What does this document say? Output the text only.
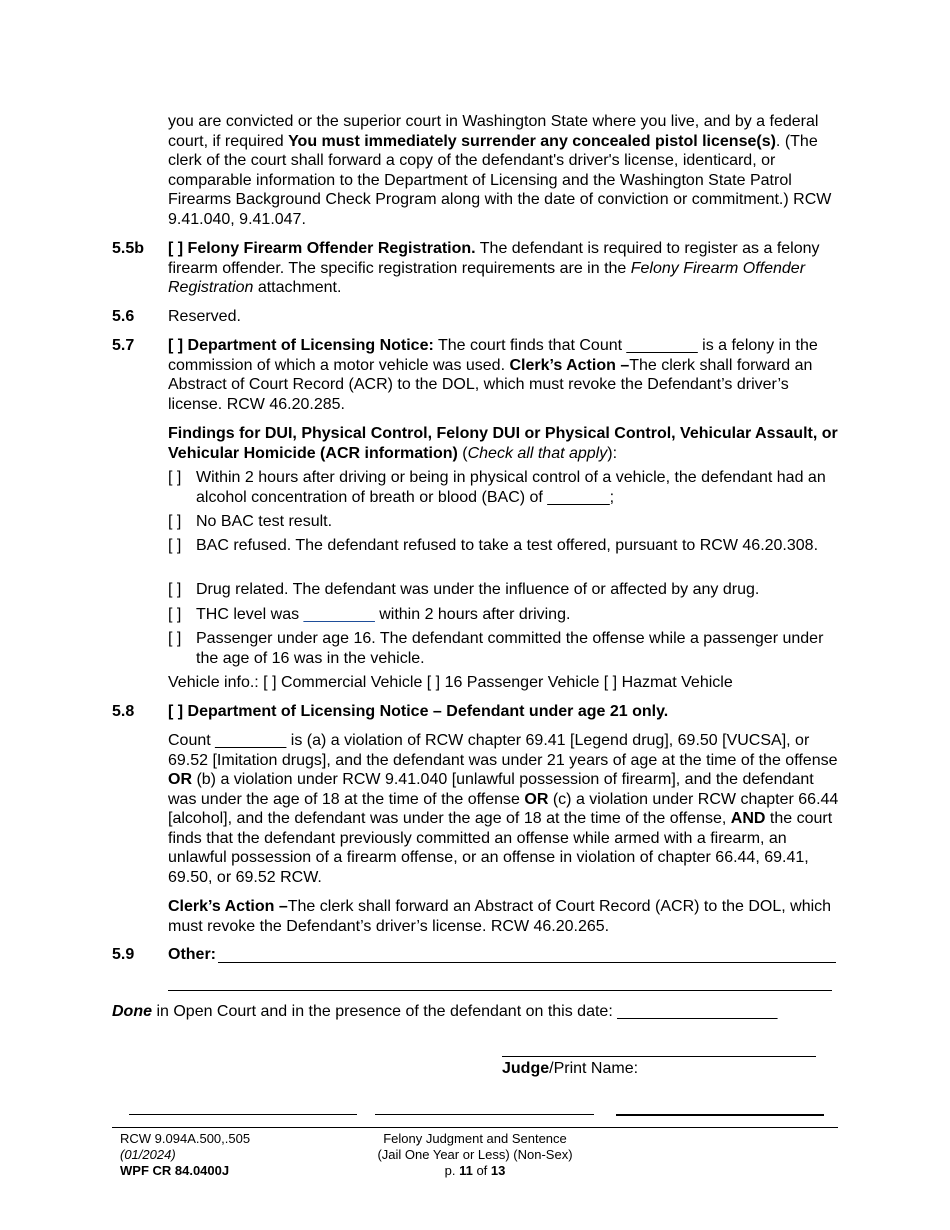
you are convicted or the superior court in Washington State where you live, and by a federal court, if required You must immediately surrender any concealed pistol license(s). (The clerk of the court shall forward a copy of the defendant's driver's license, identicard, or comparable information to the Department of Licensing and the Washington State Patrol Firearms Background Check Program along with the date of conviction or commitment.) RCW 9.41.040, 9.41.047.
5.5b [ ] Felony Firearm Offender Registration. The defendant is required to register as a felony firearm offender. The specific registration requirements are in the Felony Firearm Offender Registration attachment.
5.6 Reserved.
5.7 [ ] Department of Licensing Notice: The court finds that Count ________ is a felony in the commission of which a motor vehicle was used. Clerk’s Action –The clerk shall forward an Abstract of Court Record (ACR) to the DOL, which must revoke the Defendant’s driver’s license. RCW 46.20.285.
Findings for DUI, Physical Control, Felony DUI or Physical Control, Vehicular Assault, or Vehicular Homicide (ACR information) (Check all that apply):
[ ] Within 2 hours after driving or being in physical control of a vehicle, the defendant had an alcohol concentration of breath or blood (BAC) of _______;
[ ] No BAC test result.
[ ] BAC refused. The defendant refused to take a test offered, pursuant to RCW 46.20.308.
[ ] Drug related. The defendant was under the influence of or affected by any drug.
[ ] THC level was ________ within 2 hours after driving.
[ ] Passenger under age 16. The defendant committed the offense while a passenger under the age of 16 was in the vehicle.
Vehicle info.: [ ] Commercial Vehicle [ ] 16 Passenger Vehicle [ ] Hazmat Vehicle
5.8 [ ] Department of Licensing Notice – Defendant under age 21 only.
Count ________ is (a) a violation of RCW chapter 69.41 [Legend drug], 69.50 [VUCSA], or 69.52 [Imitation drugs], and the defendant was under 21 years of age at the time of the offense OR (b) a violation under RCW 9.41.040 [unlawful possession of firearm], and the defendant was under the age of 18 at the time of the offense OR (c) a violation under RCW chapter 66.44 [alcohol], and the defendant was under the age of 18 at the time of the offense, AND the court finds that the defendant previously committed an offense while armed with a firearm, an unlawful possession of a firearm offense, or an offense in violation of chapter 66.44, 69.41, 69.50, or 69.52 RCW.
Clerk’s Action –The clerk shall forward an Abstract of Court Record (ACR) to the DOL, which must revoke the Defendant’s driver’s license. RCW 46.20.265.
5.9 Other:
Done in Open Court and in the presence of the defendant on this date: __________________
Judge/Print Name:
RCW 9.094A.500,.505
(01/2024)
WPF CR 84.0400J
Felony Judgment and Sentence
(Jail One Year or Less) (Non-Sex)
p. 11 of 13
